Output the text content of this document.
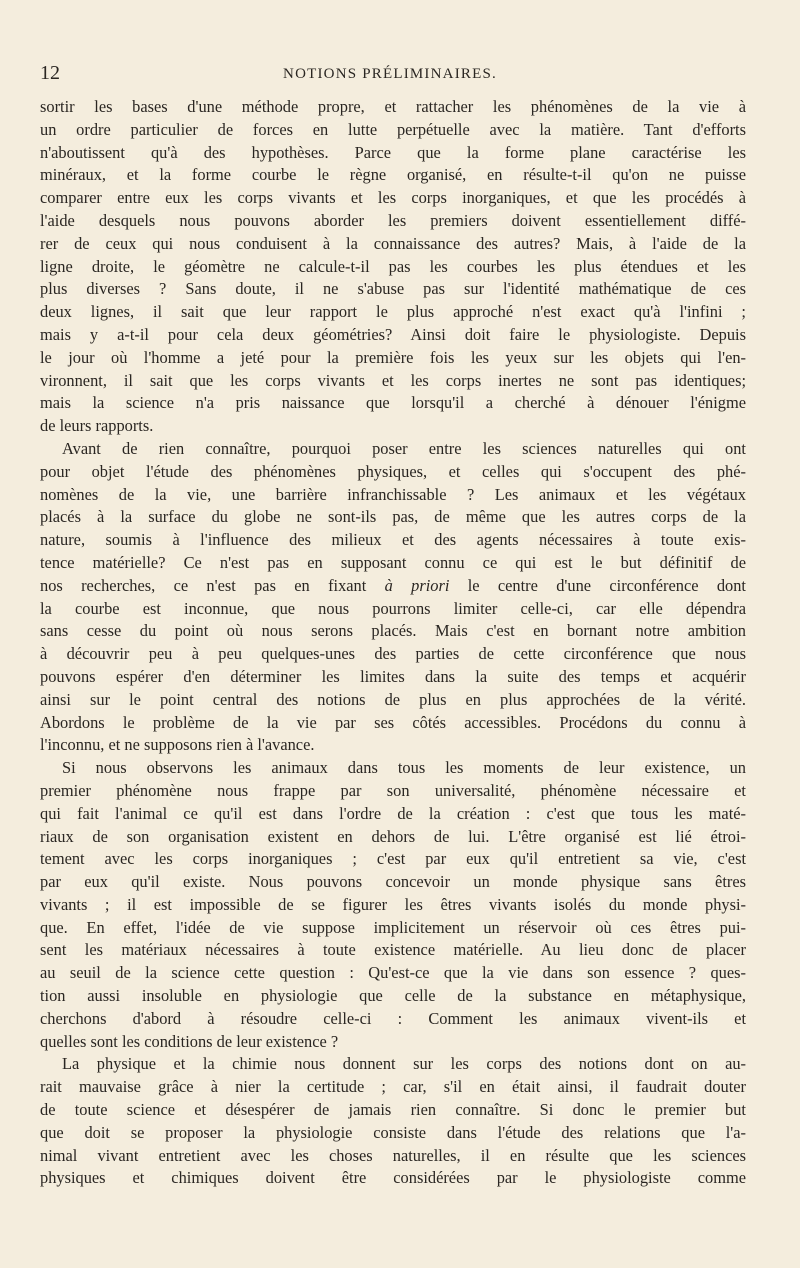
12	NOTIONS PRÉLIMINAIRES.
sortir les bases d'une méthode propre, et rattacher les phénomènes de la vie à
un ordre particulier de forces en lutte perpétuelle avec la matière. Tant d'efforts
n'aboutissent qu'à des hypothèses. Parce que la forme plane caractérise les
minéraux, et la forme courbe le règne organisé, en résulte-t-il qu'on ne puisse
comparer entre eux les corps vivants et les corps inorganiques, et que les procédés à
l'aide desquels nous pouvons aborder les premiers doivent essentiellement diffé-
rer de ceux qui nous conduisent à la connaissance des autres? Mais, à l'aide de la
ligne droite, le géomètre ne calcule-t-il pas les courbes les plus étendues et les
plus diverses ? Sans doute, il ne s'abuse pas sur l'identité mathématique de ces
deux lignes, il sait que leur rapport le plus approché n'est exact qu'à l'infini ;
mais y a-t-il pour cela deux géométries? Ainsi doit faire le physiologiste. Depuis
le jour où l'homme a jeté pour la première fois les yeux sur les objets qui l'en-
vironnent, il sait que les corps vivants et les corps inertes ne sont pas identiques;
mais la science n'a pris naissance que lorsqu'il a cherché à dénouer l'énigme
de leurs rapports.
Avant de rien connaître, pourquoi poser entre les sciences naturelles qui ont
pour objet l'étude des phénomènes physiques, et celles qui s'occupent des phé-
nomènes de la vie, une barrière infranchissable ? Les animaux et les végétaux
placés à la surface du globe ne sont-ils pas, de même que les autres corps de la
nature, soumis à l'influence des milieux et des agents nécessaires à toute exis-
tence matérielle? Ce n'est pas en supposant connu ce qui est le but définitif de
nos recherches, ce n'est pas en fixant à priori le centre d'une circonférence dont
la courbe est inconnue, que nous pourrons limiter celle-ci, car elle dépendra
sans cesse du point où nous serons placés. Mais c'est en bornant notre ambition
à découvrir peu à peu quelques-unes des parties de cette circonférence que nous
pouvons espérer d'en déterminer les limites dans la suite des temps et acquérir
ainsi sur le point central des notions de plus en plus approchées de la vérité.
Abordons le problème de la vie par ses côtés accessibles. Procédons du connu à
l'inconnu, et ne supposons rien à l'avance.
Si nous observons les animaux dans tous les moments de leur existence, un
premier phénomène nous frappe par son universalité, phénomène nécessaire et
qui fait l'animal ce qu'il est dans l'ordre de la création : c'est que tous les maté-
riaux de son organisation existent en dehors de lui. L'être organisé est lié étroi-
tement avec les corps inorganiques ; c'est par eux qu'il entretient sa vie, c'est
par eux qu'il existe. Nous pouvons concevoir un monde physique sans êtres
vivants ; il est impossible de se figurer les êtres vivants isolés du monde physi-
que. En effet, l'idée de vie suppose implicitement un réservoir où ces êtres pui-
sent les matériaux nécessaires à toute existence matérielle. Au lieu donc de placer
au seuil de la science cette question : Qu'est-ce que la vie dans son essence ? ques-
tion aussi insoluble en physiologie que celle de la substance en métaphysique,
cherchons d'abord à résoudre celle-ci : Comment les animaux vivent-ils et
quelles sont les conditions de leur existence ?
La physique et la chimie nous donnent sur les corps des notions dont on au-
rait mauvaise grâce à nier la certitude ; car, s'il en était ainsi, il faudrait douter
de toute science et désespérer de jamais rien connaître. Si donc le premier but
que doit se proposer la physiologie consiste dans l'étude des relations que l'a-
nimal vivant entretient avec les choses naturelles, il en résulte que les sciences
physiques et chimiques doivent être considérées par le physiologiste comme
